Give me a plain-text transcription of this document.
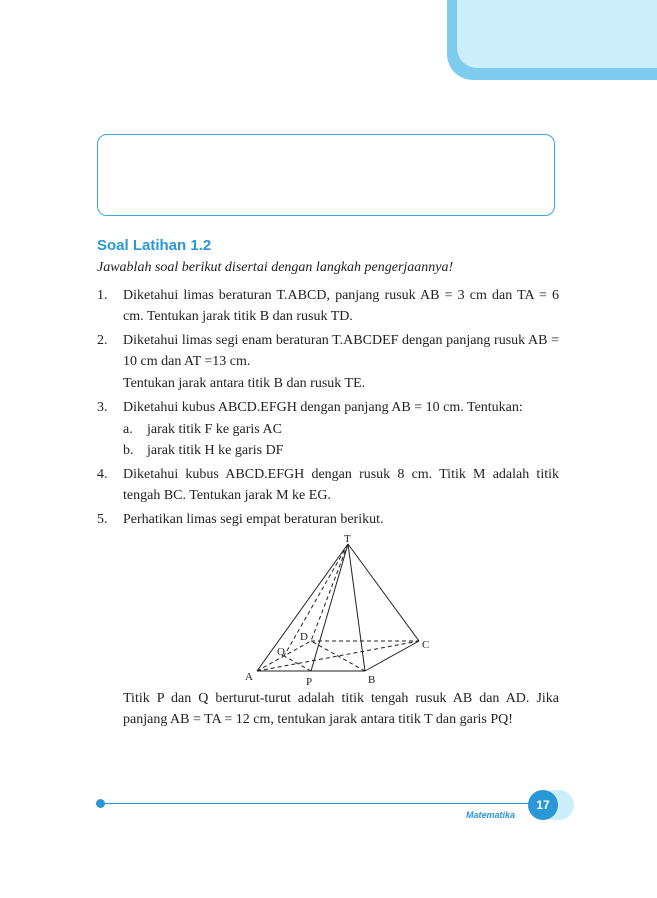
Soal Latihan 1.2

Jawablah soal berikut disertai dengan langkah pengerjaannya!

1. Diketahui limas beraturan T.ABCD, panjang rusuk AB = 3 cm dan TA = 6 cm. Tentukan jarak titik B dan rusuk TD.
2. Diketahui limas segi enam beraturan T.ABCDEF dengan panjang rusuk AB = 10 cm dan AT =13 cm.
Tentukan jarak antara titik B dan rusuk TE.
3. Diketahui kubus ABCD.EFGH dengan panjang AB = 10 cm. Tentukan:
a. jarak titik F ke garis AC
b. jarak titik H ke garis DF
4. Diketahui kubus ABCD.EFGH dengan rusuk 8 cm. Titik M adalah titik tengah BC. Tentukan jarak M ke EG.
5. Perhatikan limas segi empat beraturan berikut.
T
A	B
C
D
P
Q
Titik P dan Q berturut-turut adalah titik tengah rusuk AB dan AD. Jika panjang AB = TA = 12 cm, tentukan jarak antara titik T dan garis PQ!
Matematika
17
